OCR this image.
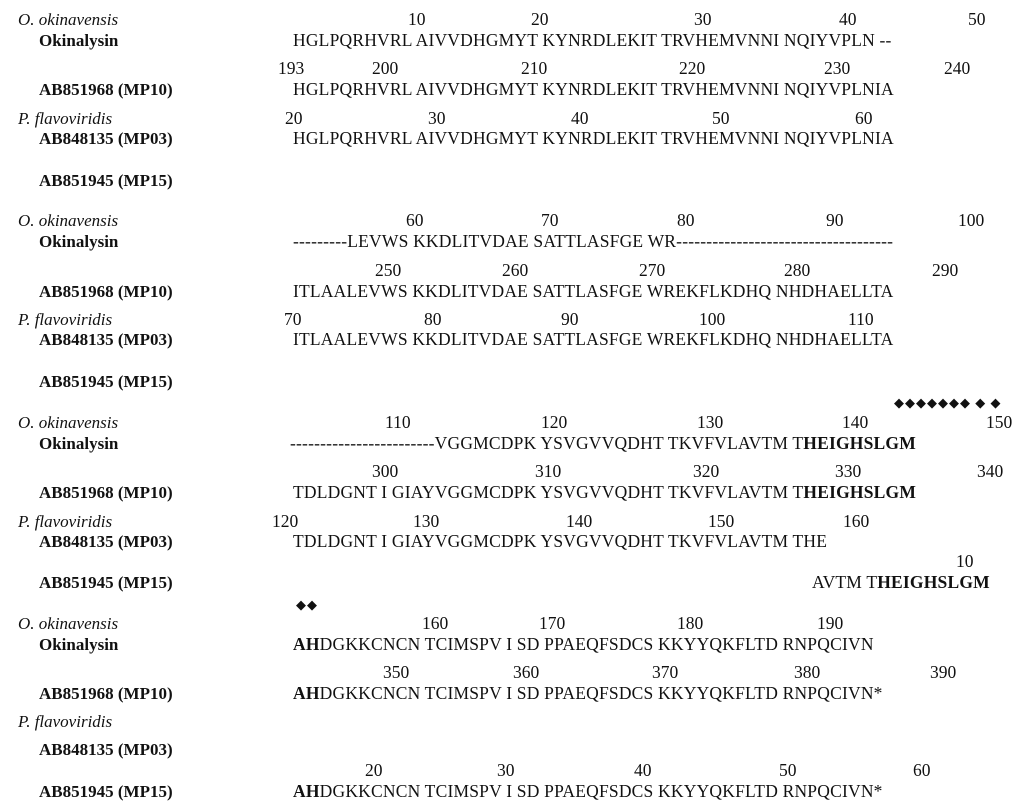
O. okinavensis	10	20	30	40	50
Okinalysin	HGLPQRHVRL AIVVDHGMYT KYNRDLEKIT TRVHEMVNNI NQIYVPLN --
193	200	210	220	230	240
AB851968 (MP10)	HGLPQRHVRL AIVVDHGMYT KYNRDLEKIT TRVHEMVNNI NQIYVPLNIA
P. flavoviridis	20	30	40	50	60
AB848135 (MP03)	HGLPQRHVRL AIVVDHGMYT KYNRDLEKIT TRVHEMVNNI NQIYVPLNIA
AB851945 (MP15)
O. okinavensis	60	70	80	90	100
Okinalysin	---------LEVWS KKDLITVDAE SATTLASFGE WR------------------------------------
250	260	270	280	290
AB851968 (MP10)	ITLAALEVWS KKDLITVDAE SATTLASFGE WREKFLKDHQ NHDHAELLTA
P. flavoviridis	70	80	90	100	110
AB848135 (MP03)	ITLAALEVWS KKDLITVDAE SATTLASFGE WREKFLKDHQ NHDHAELLTA
AB851945 (MP15)
◆◆◆◆◆◆◆ ◆ ◆
O. okinavensis	110	120	130	140	150
Okinalysin	------------------------VGGMCDPK YSVGVVQDHT TKVFVLAVTM THEIGHSLGM
300	310	320	330	340
AB851968 (MP10)	TDLDGNT I GIAYVGGMCDPK YSVGVVQDHT TKVFVLAVTM THEIGHSLGM
P. flavoviridis	120	130	140	150	160
AB848135 (MP03)	TDLDGNT I GIAYVGGMCDPK YSVGVVQDHT TKVFVLAVTM THE
10
AB851945 (MP15)	AVTM THEIGHSLGM
◆◆
O. okinavensis	160	170	180	190
Okinalysin	AHDGKKCNCN TCIMSPV I SD PPAEQFSDCS KKYYQKFLTD RNPQCIVN
350	360	370	380	390
AB851968 (MP10)	AHDGKKCNCN TCIMSPV I SD PPAEQFSDCS KKYYQKFLTD RNPQCIVN*
P. flavoviridis
AB848135 (MP03)
20	30	40	50	60
AB851945 (MP15)	AHDGKKCNCN TCIMSPV I SD PPAEQFSDCS KKYYQKFLTD RNPQCIVN*
